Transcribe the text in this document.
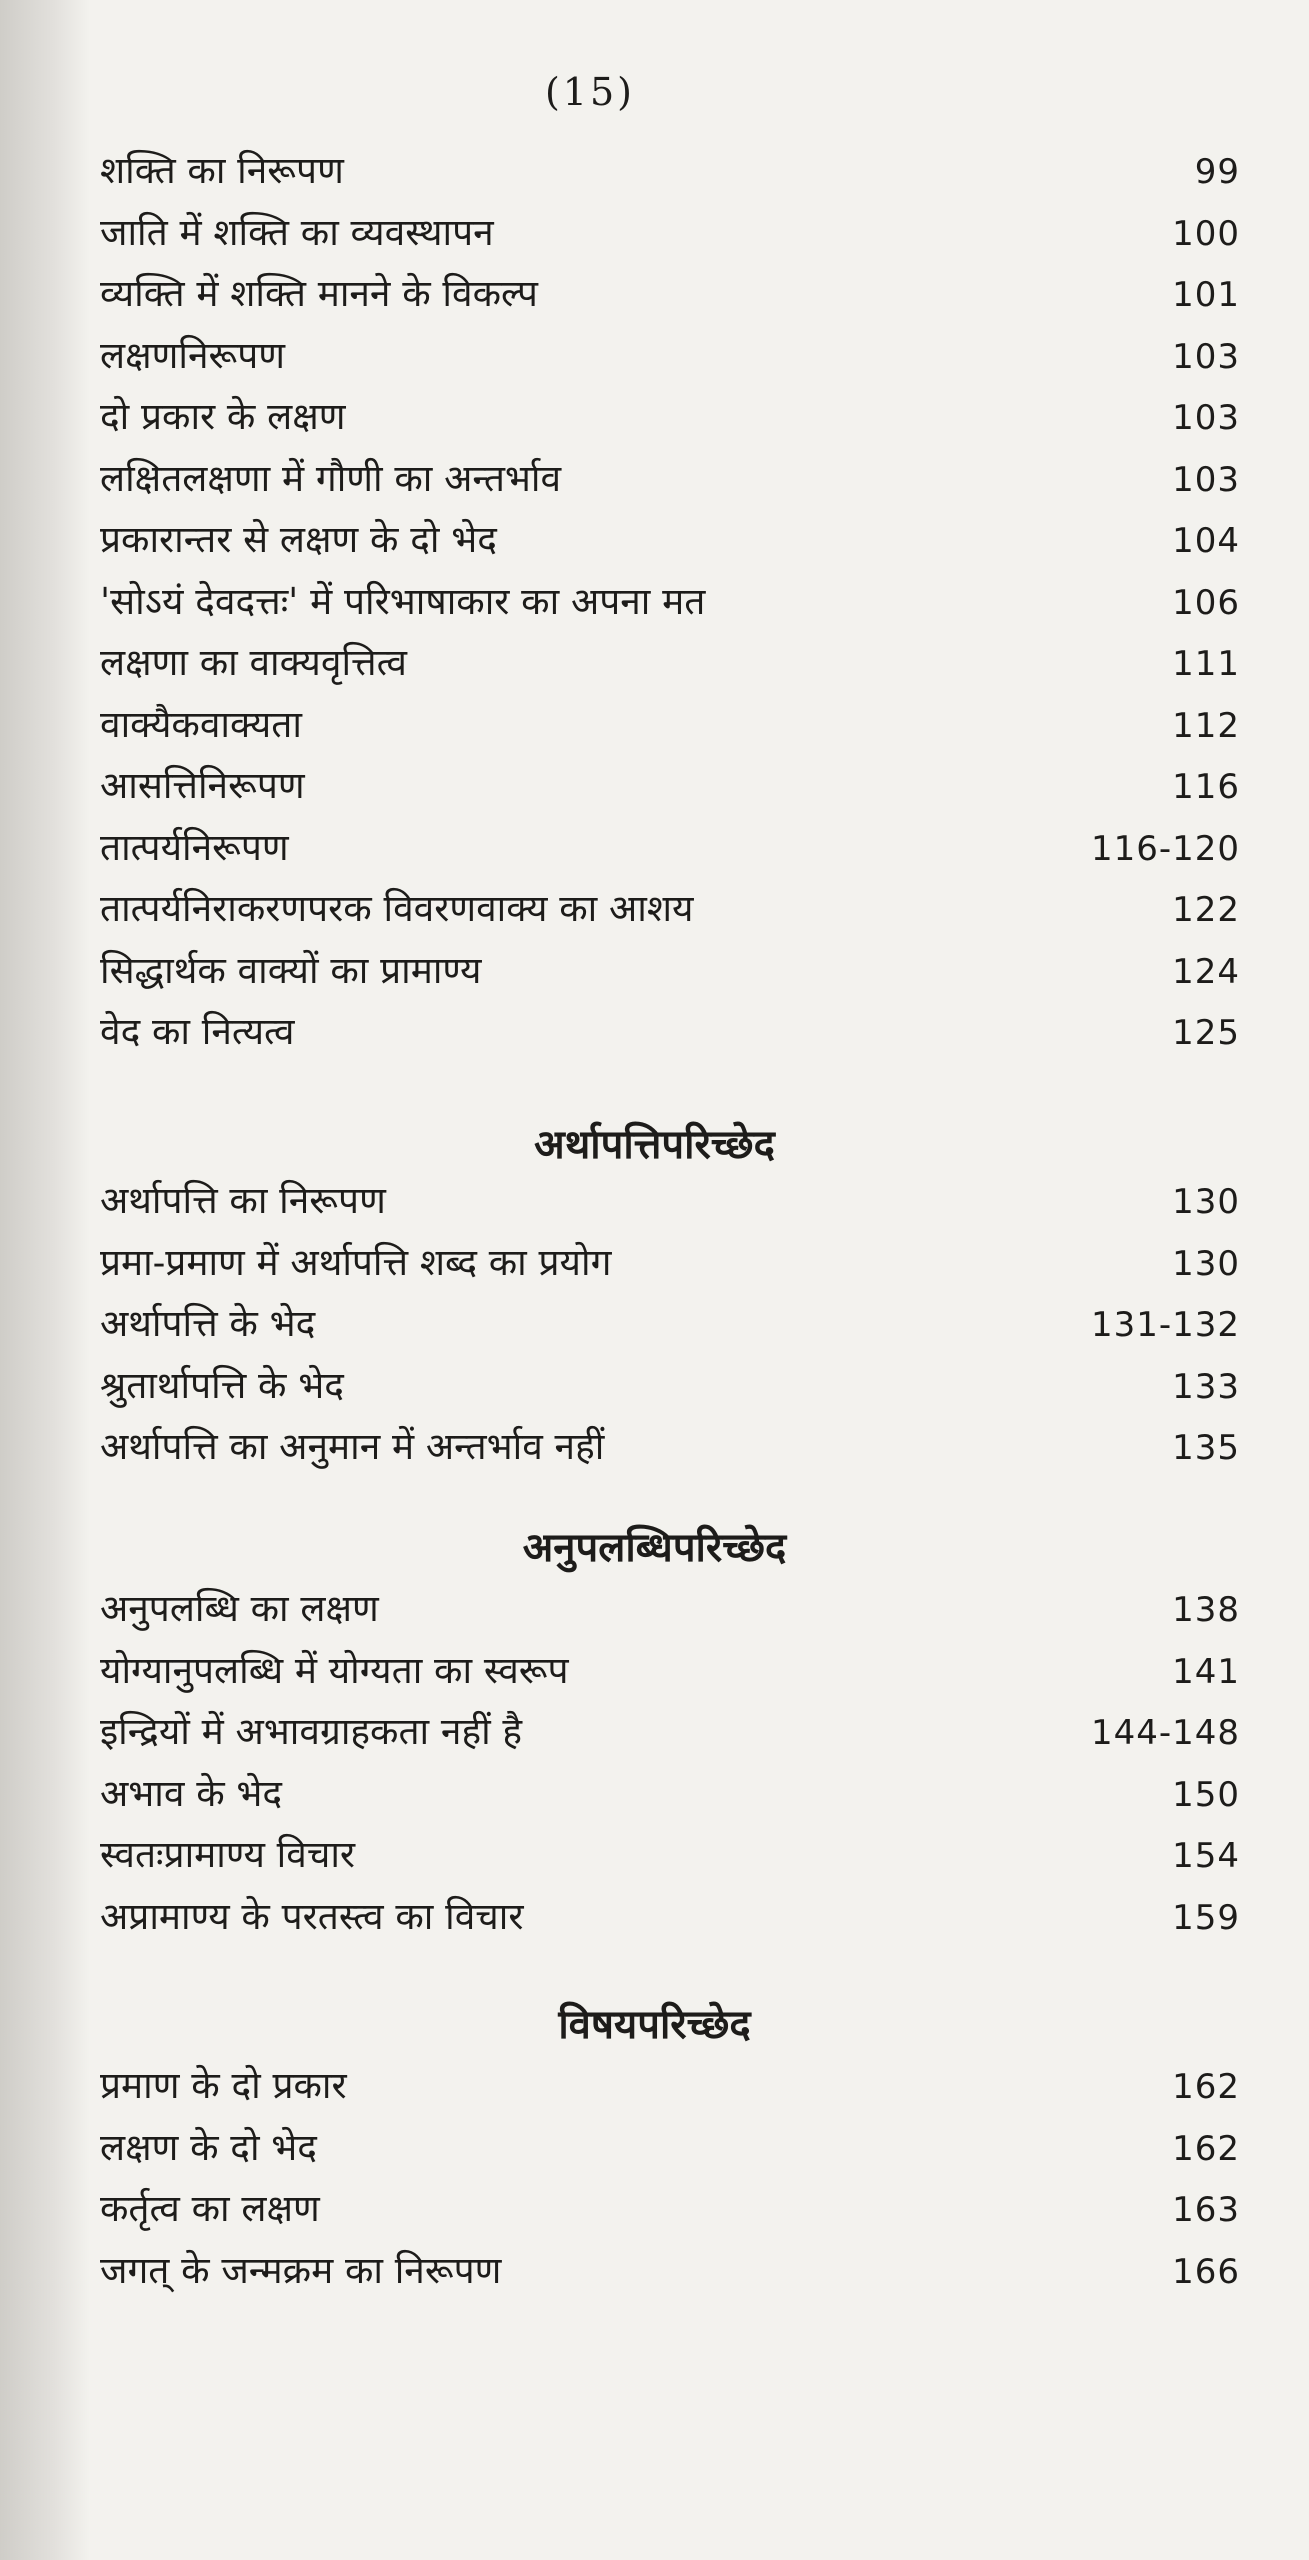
(15)
शक्ति का निरूपण	99
जाति में शक्ति का व्यवस्थापन	100
व्यक्ति में शक्ति मानने के विकल्प	101
लक्षणनिरूपण	103
दो प्रकार के लक्षण	103
लक्षितलक्षणा में गौणी का अन्तर्भाव	103
प्रकारान्तर से लक्षण के दो भेद	104
'सोऽयं देवदत्तः' में परिभाषाकार का अपना मत	106
लक्षणा का वाक्यवृत्तित्व	111
वाक्यैकवाक्यता	112
आसत्तिनिरूपण	116
तात्पर्यनिरूपण	116-120
तात्पर्यनिराकरणपरक विवरणवाक्य का आशय	122
सिद्धार्थक वाक्यों का प्रामाण्य	124
वेद का नित्यत्व	125
अर्थापत्तिपरिच्छेद
अर्थापत्ति का निरूपण	130
प्रमा-प्रमाण में अर्थापत्ति शब्द का प्रयोग	130
अर्थापत्ति के भेद	131-132
श्रुतार्थापत्ति के भेद	133
अर्थापत्ति का अनुमान में अन्तर्भाव नहीं	135
अनुपलब्धिपरिच्छेद
अनुपलब्धि का लक्षण	138
योग्यानुपलब्धि में योग्यता का स्वरूप	141
इन्द्रियों में अभावग्राहकता नहीं है	144-148
अभाव के भेद	150
स्वतःप्रामाण्य विचार	154
अप्रामाण्य के परतस्त्व का विचार	159
विषयपरिच्छेद
प्रमाण के दो प्रकार	162
लक्षण के दो भेद	162
कर्तृत्व का लक्षण	163
जगत् के जन्मक्रम का निरूपण	166
